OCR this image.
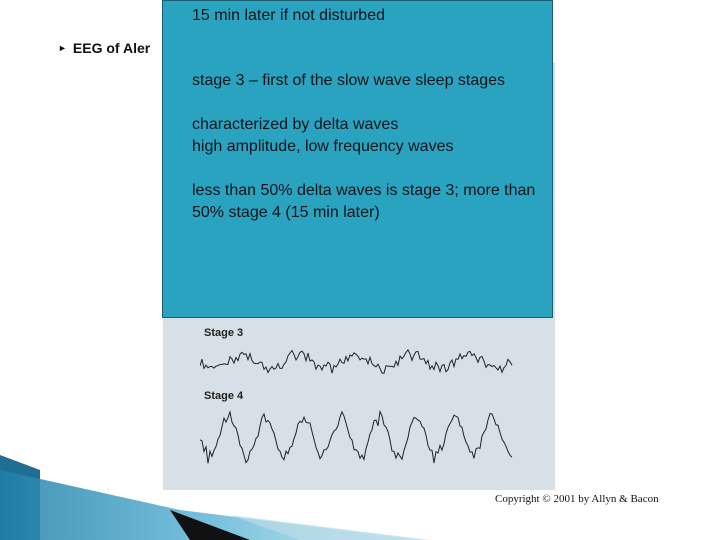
► EEG of Aler
Stage 3
Stage 4

15 min later if not disturbed

stage 3 – first of the slow wave sleep stages

characterized by delta waves

high amplitude, low frequency waves

less than 50% delta waves is stage 3; more than 50% stage 4 (15 min later)

Copyright © 2001 by Allyn & Bacon
